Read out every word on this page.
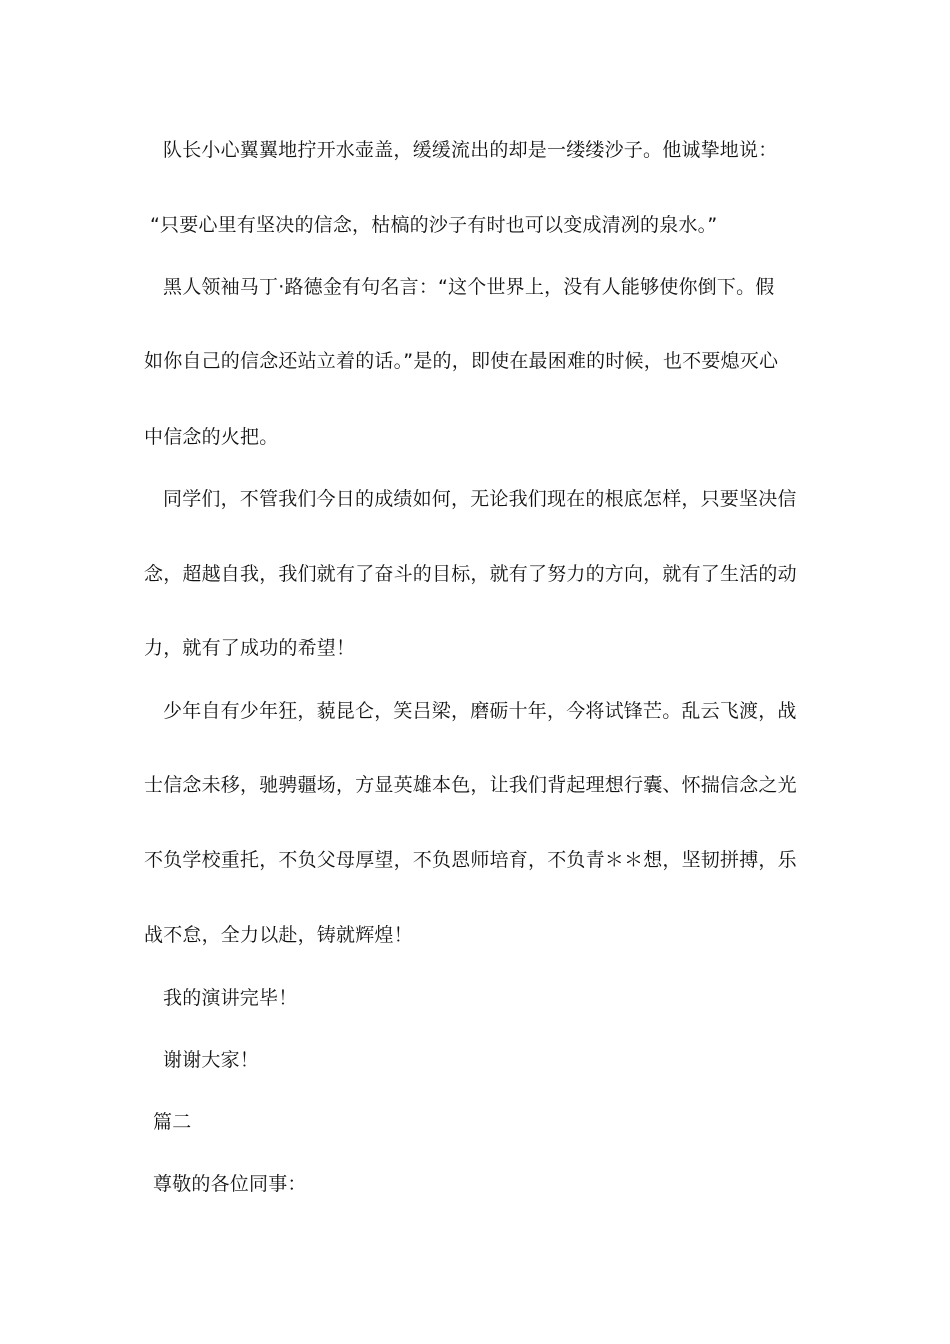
队长小心翼翼地拧开水壶盖，缓缓流出的却是一缕缕沙子。他诚挚地说：
“只要心里有坚决的信念，枯槁的沙子有时也可以变成清冽的泉水。”
黑人领袖马丁·路德金有句名言：“这个世界上，没有人能够使你倒下。假
如你自己的信念还站立着的话。”是的，即使在最困难的时候，也不要熄灭心
中信念的火把。
同学们，不管我们今日的成绩如何，无论我们现在的根底怎样，只要坚决信
念，超越自我，我们就有了奋斗的目标，就有了努力的方向，就有了生活的动
力，就有了成功的希望！
少年自有少年狂，藐昆仑，笑吕梁，磨砺十年，今将试锋芒。乱云飞渡，战
士信念未移，驰骋疆场，方显英雄本色，让我们背起理想行囊、怀揣信念之光
不负学校重托，不负父母厚望，不负恩师培育，不负青＊＊想，坚韧拼搏，乐
战不怠，全力以赴，铸就辉煌！
我的演讲完毕！
谢谢大家！
篇二
尊敬的各位同事：
